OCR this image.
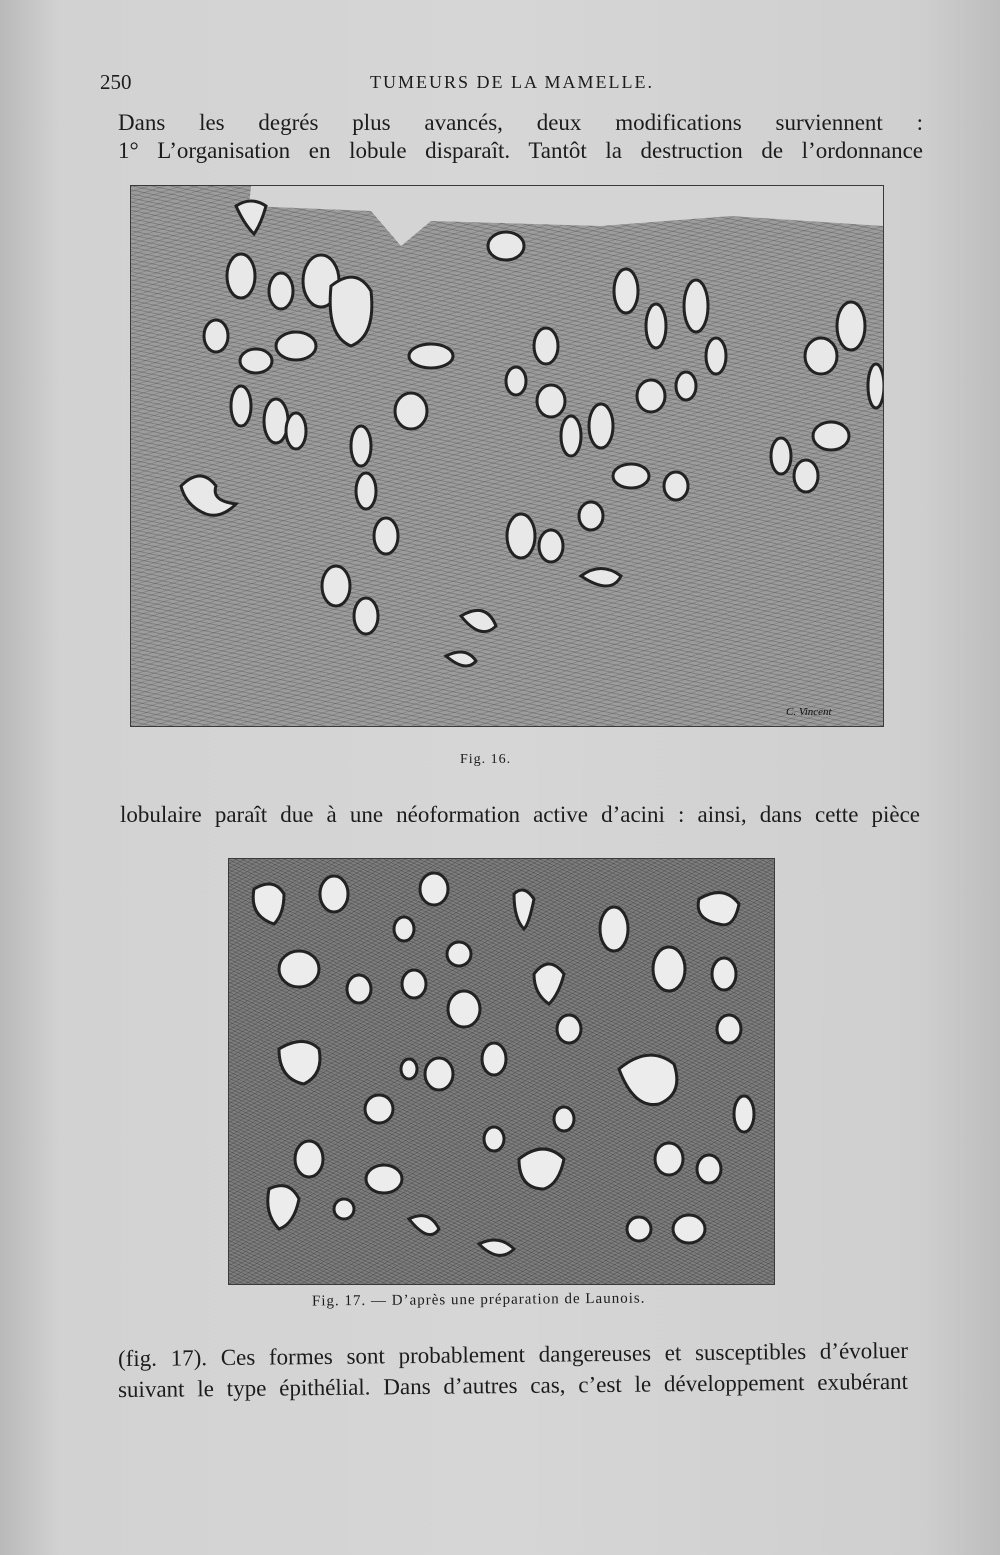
250	TUMEURS DE LA MAMELLE.
Dans les degrés plus avancés, deux modifications surviennent :
1° L’organisation en lobule disparaît. Tantôt la destruction de l’ordonnance
C. Vincent
Fig. 16.
lobulaire paraît due à une néoformation active d’acini : ainsi, dans cette pièce
Fig. 17. — D’après une préparation de Launois.
(fig. 17). Ces formes sont probablement dangereuses et susceptibles d’évoluer
suivant le type épithélial. Dans d’autres cas, c’est le développement exubérant
